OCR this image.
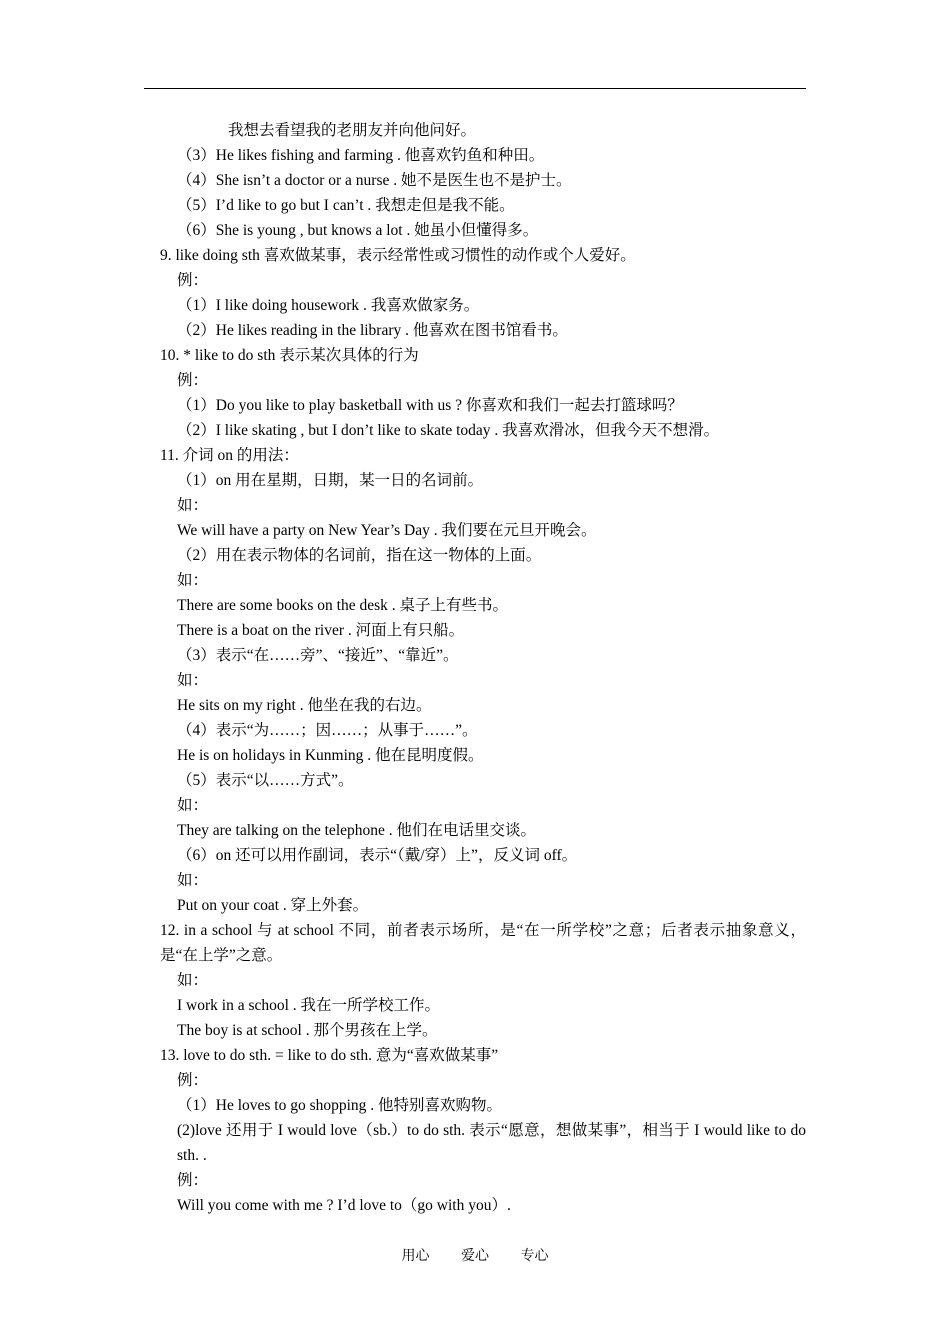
我想去看望我的老朋友并向他问好。
（3）He likes fishing and farming . 他喜欢钓鱼和种田。
（4）She isn’t a doctor or a nurse . 她不是医生也不是护士。
（5）I’d like to go but I can’t . 我想走但是我不能。
（6）She is young , but knows a lot . 她虽小但懂得多。
9. like doing sth 喜欢做某事，表示经常性或习惯性的动作或个人爱好。
例：
（1）I like doing housework . 我喜欢做家务。
（2）He likes reading in the library . 他喜欢在图书馆看书。
10. * like to do sth 表示某次具体的行为
例：
（1）Do you like to play basketball with us ? 你喜欢和我们一起去打篮球吗？
（2）I like skating , but I don’t like to skate today . 我喜欢滑冰，但我今天不想滑。
11. 介词 on 的用法：
（1）on 用在星期，日期，某一日的名词前。
如：
We will have a party on New Year’s Day . 我们要在元旦开晚会。
（2）用在表示物体的名词前，指在这一物体的上面。
如：
There are some books on the desk . 桌子上有些书。
There is a boat on the river . 河面上有只船。
（3）表示“在……旁”、“接近”、“靠近”。
如：
He sits on my right . 他坐在我的右边。
（4）表示“为……；因……；从事于……”。
He is on holidays in Kunming . 他在昆明度假。
（5）表示“以……方式”。
如：
They are talking on the telephone . 他们在电话里交谈。
（6）on 还可以用作副词，表示“（戴/穿）上”，反义词 off。
如：
Put on your coat . 穿上外套。
12. in a school 与 at school 不同，前者表示场所，是“在一所学校”之意；后者表示抽象意义，是“在上学”之意。
如：
I work in a school . 我在一所学校工作。
The boy is at school . 那个男孩在上学。
13. love to do sth. = like to do sth. 意为“喜欢做某事”
例：
（1）He loves to go shopping . 他特别喜欢购物。
(2)love 还用于 I would love（sb.）to do sth. 表示“愿意，想做某事”，相当于 I would like to do sth. .
例：
Will you come with me ? I’d love to（go with you）.
用心 爱心 专心
